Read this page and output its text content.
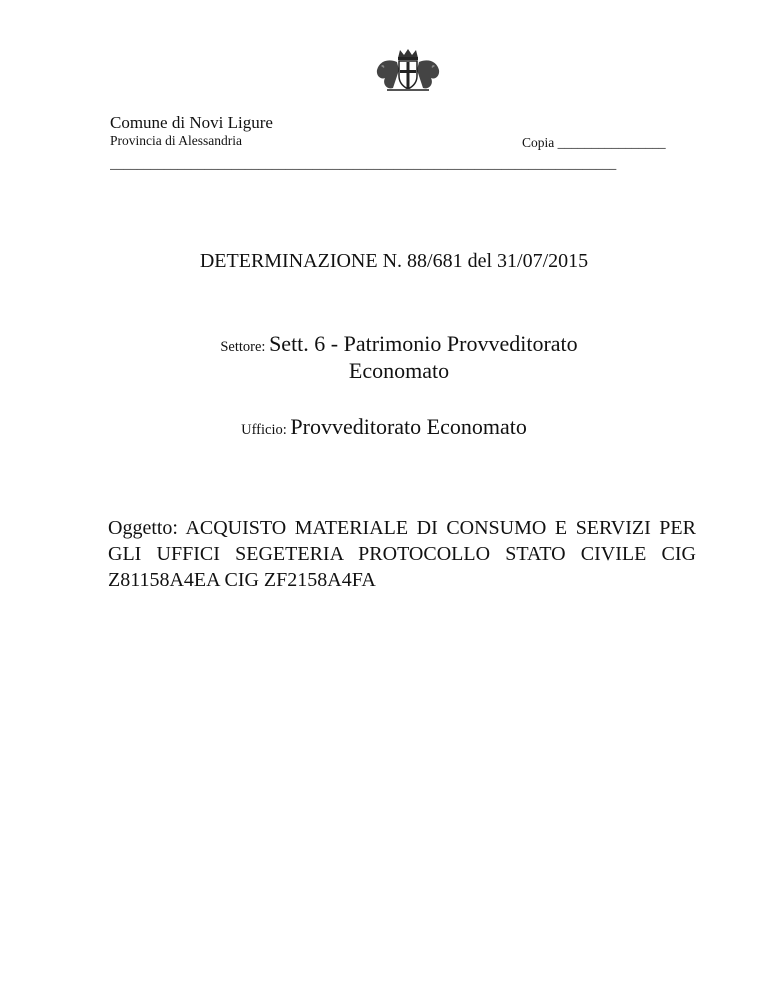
Comune di Novi Ligure
Provincia di Alessandria	Copia ________________
___________________________________________________________________________
DETERMINAZIONE N. 88/681 del 31/07/2015
Settore: Sett. 6 - Patrimonio Provveditorato
Economato
Ufficio: Provveditorato Economato
Oggetto: ACQUISTO MATERIALE DI CONSUMO E SERVIZI PER GLI UFFICI SEGETERIA PROTOCOLLO STATO CIVILE CIG Z81158A4EA CIG ZF2158A4FA
